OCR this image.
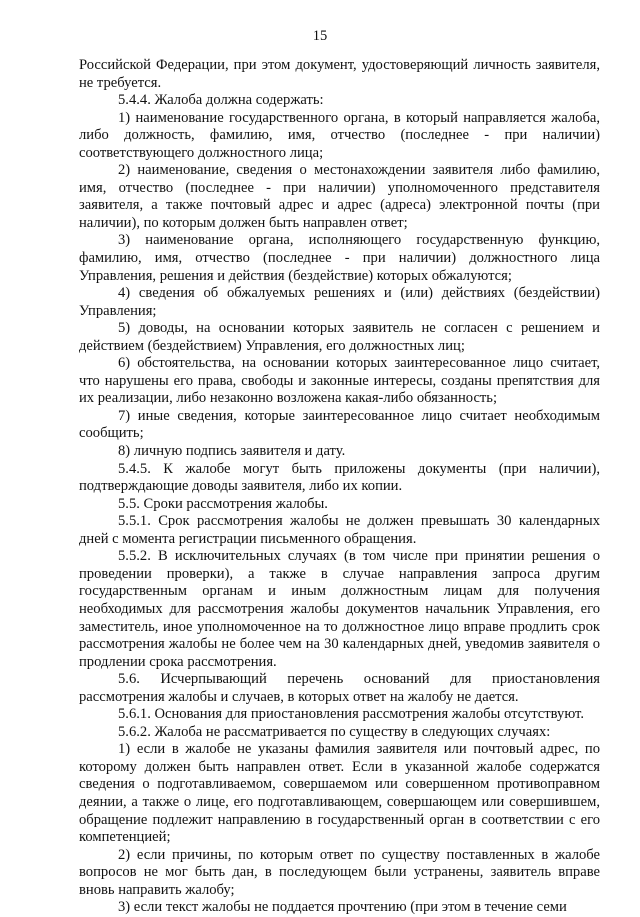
15

Российской Федерации, при этом документ, удостоверяющий личность заявителя, не требуется.

5.4.4. Жалоба должна содержать:

1) наименование государственного органа, в который направляется жалоба, либо должность, фамилию, имя, отчество (последнее - при наличии) соответствующего должностного лица;

2) наименование, сведения о местонахождении заявителя либо фамилию, имя, отчество (последнее - при наличии) уполномоченного представителя заявителя, а также почтовый адрес и адрес (адреса) электронной почты (при наличии), по которым должен быть направлен ответ;

3) наименование органа, исполняющего государственную функцию, фамилию, имя, отчество (последнее - при наличии) должностного лица Управления, решения и действия (бездействие) которых обжалуются;

4) сведения об обжалуемых решениях и (или) действиях (бездействии) Управления;

5) доводы, на основании которых заявитель не согласен с решением и действием (бездействием) Управления, его должностных лиц;

6) обстоятельства, на основании которых заинтересованное лицо считает, что нарушены его права, свободы и законные интересы, созданы препятствия для их реализации, либо незаконно возложена какая-либо обязанность;

7) иные сведения, которые заинтересованное лицо считает необходимым сообщить;

8) личную подпись заявителя и дату.

5.4.5. К жалобе могут быть приложены документы (при наличии), подтверждающие доводы заявителя, либо их копии.

5.5. Сроки рассмотрения жалобы.

5.5.1. Срок рассмотрения жалобы не должен превышать 30 календарных дней с момента регистрации письменного обращения.

5.5.2. В исключительных случаях (в том числе при принятии решения о проведении проверки), а также в случае направления запроса другим государственным органам и иным должностным лицам для получения необходимых для рассмотрения жалобы документов начальник Управления, его заместитель, иное уполномоченное на то должностное лицо вправе продлить срок рассмотрения жалобы не более чем на 30 календарных дней, уведомив заявителя о продлении срока рассмотрения.

5.6. Исчерпывающий перечень оснований для приостановления рассмотрения жалобы и случаев, в которых ответ на жалобу не дается.

5.6.1. Основания для приостановления рассмотрения жалобы отсутствуют.

5.6.2. Жалоба не рассматривается по существу в следующих случаях:

1) если в жалобе не указаны фамилия заявителя или почтовый адрес, по которому должен быть направлен ответ. Если в указанной жалобе содержатся сведения о подготавливаемом, совершаемом или совершенном противоправном деянии, а также о лице, его подготавливающем, совершающем или совершившем, обращение подлежит направлению в государственный орган в соответствии с его компетенцией;

2) если причины, по которым ответ по существу поставленных в жалобе вопросов не мог быть дан, в последующем были устранены, заявитель вправе вновь направить жалобу;

3) если текст жалобы не поддается прочтению (при этом в течение семи
